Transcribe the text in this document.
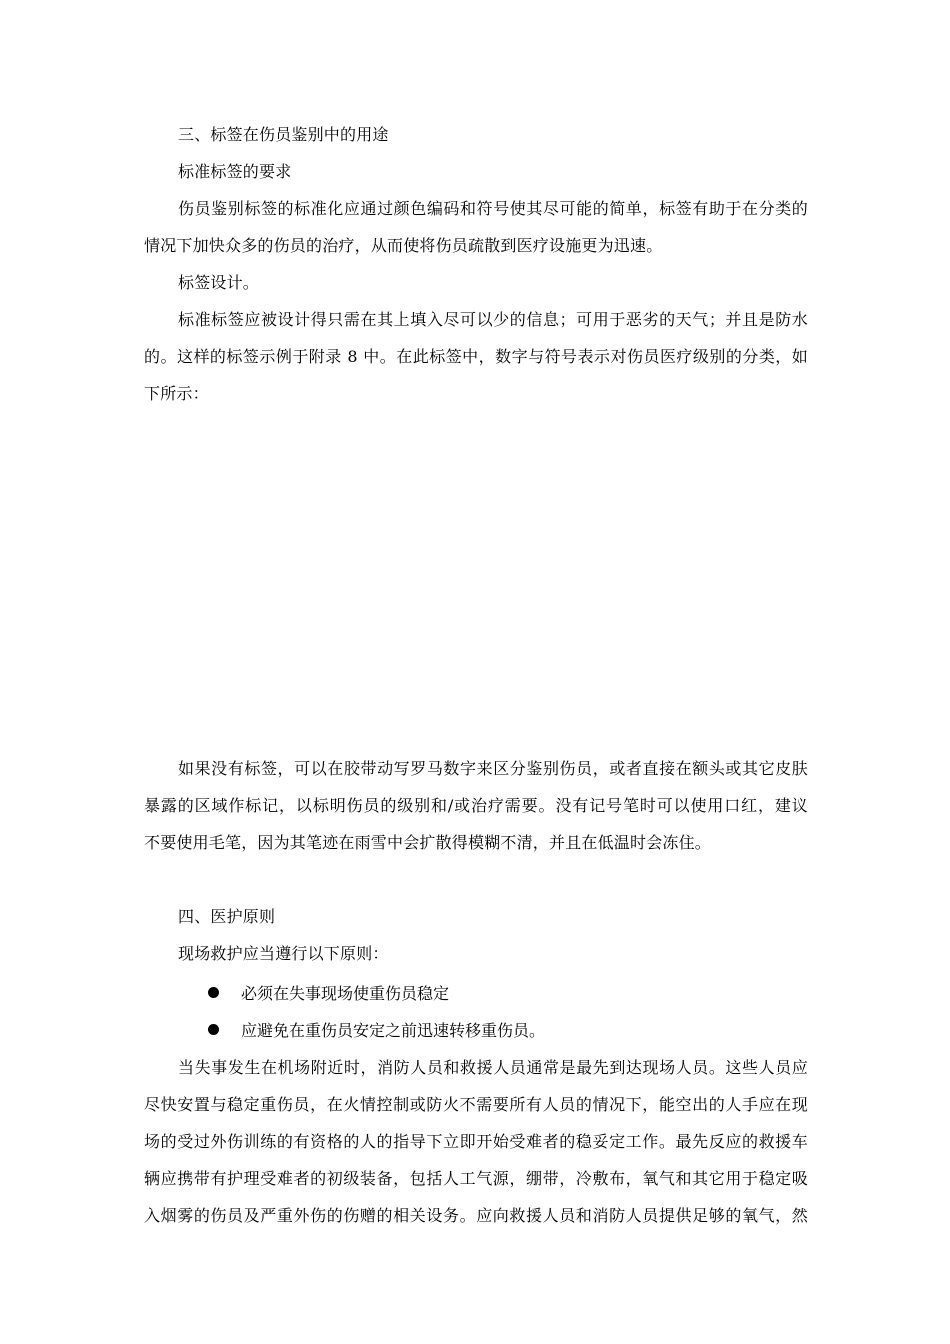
三、标签在伤员鉴别中的用途
标准标签的要求
伤员鉴别标签的标准化应通过颜色编码和符号使其尽可能的简单，标签有助于在分类的
情况下加快众多的伤员的治疗，从而使将伤员疏散到医疗设施更为迅速。
标签设计。
标准标签应被设计得只需在其上填入尽可以少的信息；可用于恶劣的天气；并且是防水
的。这样的标签示例于附录 8 中。在此标签中，数字与符号表示对伤员医疗级别的分类，如
下所示：
如果没有标签，可以在胶带动写罗马数字来区分鉴别伤员，或者直接在额头或其它皮肤
暴露的区域作标记，以标明伤员的级别和/或治疗需要。没有记号笔时可以使用口红，建议
不要使用毛笔，因为其笔迹在雨雪中会扩散得模糊不清，并且在低温时会冻住。
四、医护原则
现场救护应当遵行以下原则：
必须在失事现场使重伤员稳定
应避免在重伤员安定之前迅速转移重伤员。
当失事发生在机场附近时，消防人员和救援人员通常是最先到达现场人员。这些人员应
尽快安置与稳定重伤员，在火情控制或防火不需要所有人员的情况下，能空出的人手应在现
场的受过外伤训练的有资格的人的指导下立即开始受难者的稳妥定工作。最先反应的救援车
辆应携带有护理受难者的初级装备，包括人工气源，绷带，冷敷布，氧气和其它用于稳定吸
入烟雾的伤员及严重外伤的伤赠的相关设务。应向救援人员和消防人员提供足够的氧气，然
